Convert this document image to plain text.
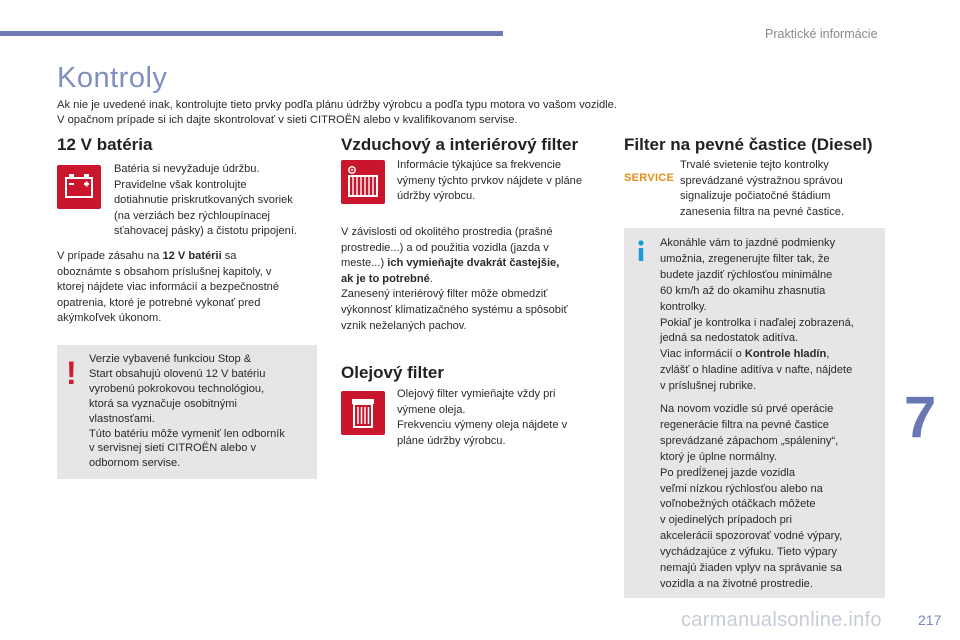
Praktické informácie
Kontroly
Ak nie je uvedené inak, kontrolujte tieto prvky podľa plánu údržby výrobcu a podľa typu motora vo vašom vozidle.
V opačnom prípade si ich dajte skontrolovať v sieti CITROËN alebo v kvalifikovanom servise.
12 V batéria
Batéria si nevyžaduje údržbu.
Pravidelne však kontrolujte
dotiahnutie priskrutkovaných svoriek
(na verziách bez rýchloupínacej
sťahovacej pásky) a čistotu pripojení.
V prípade zásahu na 12 V batérii sa
oboznámte s obsahom príslušnej kapitoly, v
ktorej nájdete viac informácií a bezpečnostné
opatrenia, ktoré je potrebné vykonať pred
akýmkoľvek úkonom.
! Verzie vybavené funkciou Stop &
Start obsahujú olovenú 12 V batériu
vyrobenú pokrokovou technológiou,
ktorá sa vyznačuje osobitnými
vlastnosťami.
Túto batériu môže vymeniť len odborník
v servisnej sieti CITROËN alebo v
odbornom servise.
Vzduchový a interiérový filter
Informácie týkajúce sa frekvencie
výmeny týchto prvkov nájdete v pláne
údržby výrobcu.
V závislosti od okolitého prostredia (prašné
prostredie...) a od použitia vozidla (jazda v
meste...) ich vymieňajte dvakrát častejšie,
ak je to potrebné.
Zanesený interiérový filter môže obmedziť
výkonnosť klimatizačného systému a spôsobiť
vznik neželaných pachov.
Olejový filter
Olejový filter vymieňajte vždy pri
výmene oleja.
Frekvenciu výmeny oleja nájdete v
pláne údržby výrobcu.
Filter na pevné častice (Diesel)
SERVICE
Trvalé svietenie tejto kontrolky
sprevádzané výstražnou správou
signalizuje počiatočné štádium
zanesenia filtra na pevné častice.
Akonáhle vám to jazdné podmienky
umožnia, zregenerujte filter tak, že
budete jazdiť rýchlosťou minimálne
60 km/h až do okamihu zhasnutia
kontrolky.
Pokiaľ je kontrolka i naďalej zobrazená,
jedná sa nedostatok aditíva.
Viac informácií o Kontrole hladín,
zvlášť o hladine aditíva v nafte, nájdete
v príslušnej rubrike.
Na novom vozidle sú prvé operácie
regenerácie filtra na pevné častice
sprevádzané zápachom „spáleniny“,
ktorý je úplne normálny.
Po predĺženej jazde vozidla
veľmi nízkou rýchlosťou alebo na
voľnobežných otáčkach môžete
v ojedinelých prípadoch pri
akcelerácii spozorovať vodné výpary,
vychádzajúce z výfuku. Tieto výpary
nemajú žiaden vplyv na správanie sa
vozidla a na životné prostredie.
7
carmanualsonline.info	217
